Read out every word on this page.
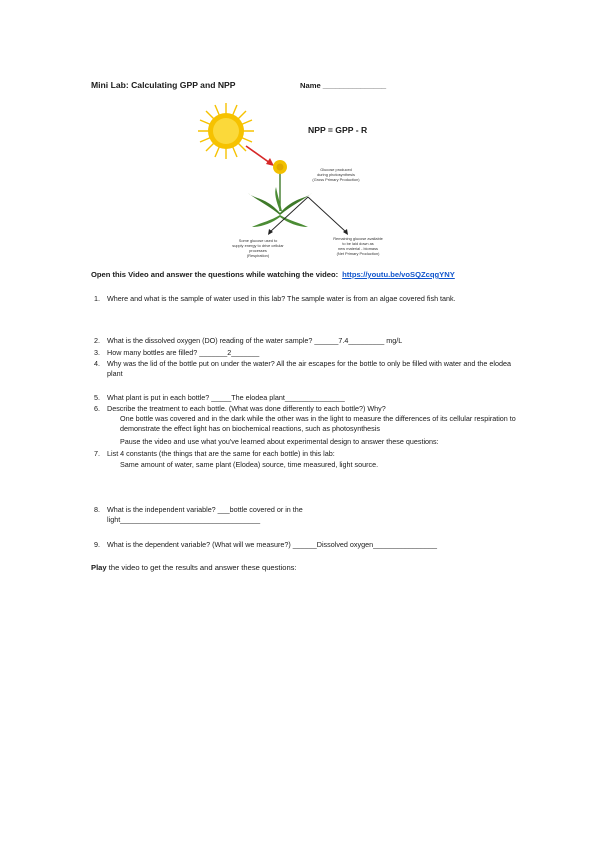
Mini Lab: Calculating GPP and NPP	Name _______________
NPP = GPP - R
Glucose produced
during photosynthesis
(Gross Primary Production)
Some glucose used to
supply energy to drive cellular
processes
(Respiration)
Remaining glucose available
to be laid down as
new material - biomass
(Net Primary Production)
Open this Video and answer the questions while watching the video: https://youtu.be/voSQZcqgYNY
1. Where and what is the sample of water used in this lab? The sample water is from an algae covered fish tank.
2. What is the dissolved oxygen (DO) reading of the water sample? ______7.4_________ mg/L
3. How many bottles are filled? _______2_______
4. Why was the lid of the bottle put on under the water? All the air escapes for the bottle to only be filled with water and the elodea plant
5. What plant is put in each bottle? _____The elodea plant_______________
6. Describe the treatment to each bottle. (What was done differently to each bottle?) Why?
One bottle was covered and in the dark while the other was in the light to measure the differences of its cellular respiration to demonstrate the effect light has on biochemical reactions, such as photosynthesis
Pause the video and use what you've learned about experimental design to answer these questions:
7. List 4 constants (the things that are the same for each bottle) in this lab:
Same amount of water, same plant (Elodea) source, time measured, light source.
8. What is the independent variable? ___bottle covered or in the light___________________________________
9. What is the dependent variable? (What will we measure?) ______Dissolved oxygen________________
Play the video to get the results and answer these questions:
